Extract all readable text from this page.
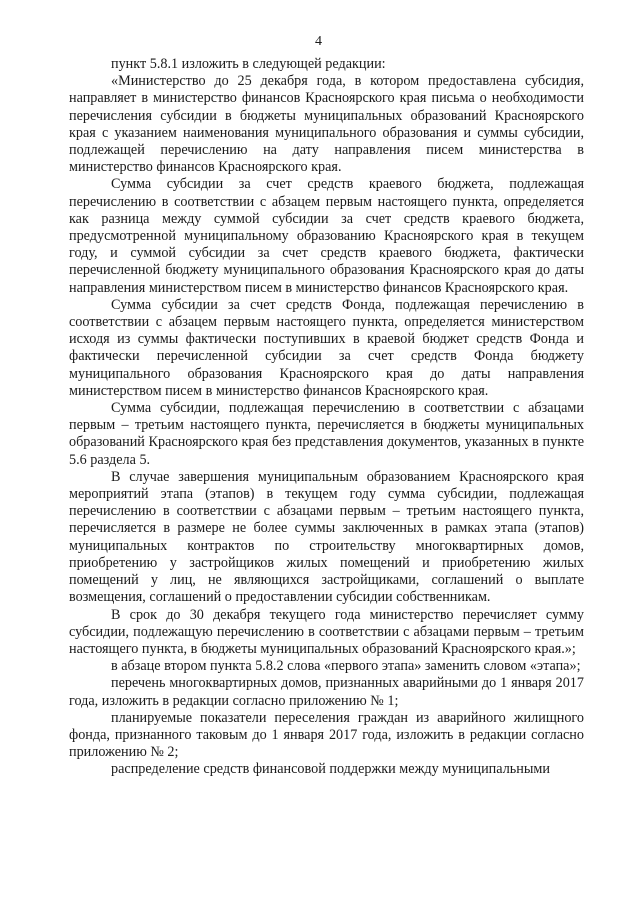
4

пункт 5.8.1 изложить в следующей редакции:

«Министерство до 25 декабря года, в котором предоставлена субсидия, направляет в министерство финансов Красноярского края письма о необходимости перечисления субсидии в бюджеты муниципальных образований Красноярского края с указанием наименования муниципального образования и суммы субсидии, подлежащей перечислению на дату направления писем министерства в министерство финансов Красноярского края.

Сумма субсидии за счет средств краевого бюджета, подлежащая перечислению в соответствии с абзацем первым настоящего пункта, определяется как разница между суммой субсидии за счет средств краевого бюджета, предусмотренной муниципальному образованию Красноярского края в текущем году, и суммой субсидии за счет средств краевого бюджета, фактически перечисленной бюджету муниципального образования Красноярского края до даты направления министерством писем в министерство финансов Красноярского края.

Сумма субсидии за счет средств Фонда, подлежащая перечислению в соответствии с абзацем первым настоящего пункта, определяется министерством исходя из суммы фактически поступивших в краевой бюджет средств Фонда и фактически перечисленной субсидии за счет средств Фонда бюджету муниципального образования Красноярского края до даты направления министерством писем в министерство финансов Красноярского края.

Сумма субсидии, подлежащая перечислению в соответствии с абзацами первым – третьим настоящего пункта, перечисляется в бюджеты муниципальных образований Красноярского края без представления документов, указанных в пункте 5.6 раздела 5.

В случае завершения муниципальным образованием Красноярского края мероприятий этапа (этапов) в текущем году сумма субсидии, подлежащая перечислению в соответствии с абзацами первым – третьим настоящего пункта, перечисляется в размере не более суммы заключенных в рамках этапа (этапов) муниципальных контрактов по строительству многоквартирных домов, приобретению у застройщиков жилых помещений и приобретению жилых помещений у лиц, не являющихся застройщиками, соглашений о выплате возмещения, соглашений о предоставлении субсидии собственникам.

В срок до 30 декабря текущего года министерство перечисляет сумму субсидии, подлежащую перечислению в соответствии с абзацами первым – третьим настоящего пункта, в бюджеты муниципальных образований Красноярского края.»;

в абзаце втором пункта 5.8.2 слова «первого этапа» заменить словом «этапа»;

перечень многоквартирных домов, признанных аварийными до 1 января 2017 года, изложить в редакции согласно приложению № 1;

планируемые показатели переселения граждан из аварийного жилищного фонда, признанного таковым до 1 января 2017 года, изложить в редакции согласно приложению № 2;

распределение средств финансовой поддержки между муниципальными
